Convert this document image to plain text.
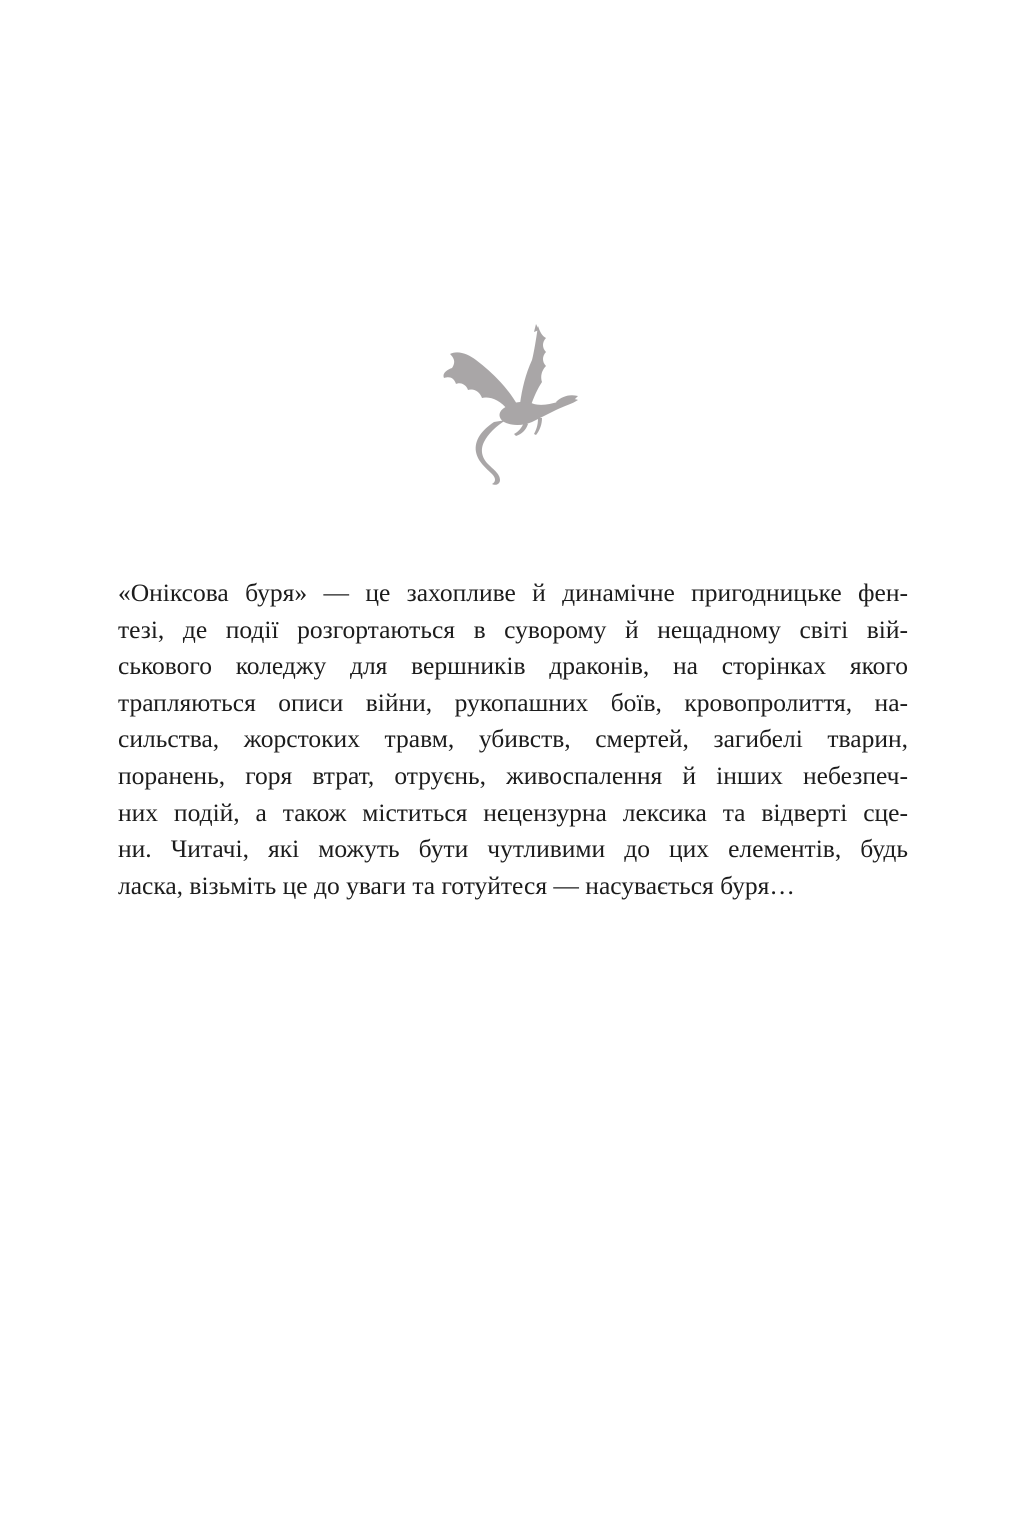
«Оніксова буря» — це захопливе й динамічне пригодницьке фен-
тезі, де події розгортаються в суворому й нещадному світі вій-
ськового коледжу для вершників драконів, на сторінках якого
трапляються описи війни, рукопашних боїв, кровопролиття, на-
сильства, жорстоких травм, убивств, смертей, загибелі тварин,
поранень, горя втрат, отруєнь, живоспалення й інших небезпеч-
них подій, а також міститься нецензурна лексика та відверті сце-
ни. Читачі, які можуть бути чутливими до цих елементів, будь
ласка, візьміть це до уваги та готуйтеся — насувається буря…
